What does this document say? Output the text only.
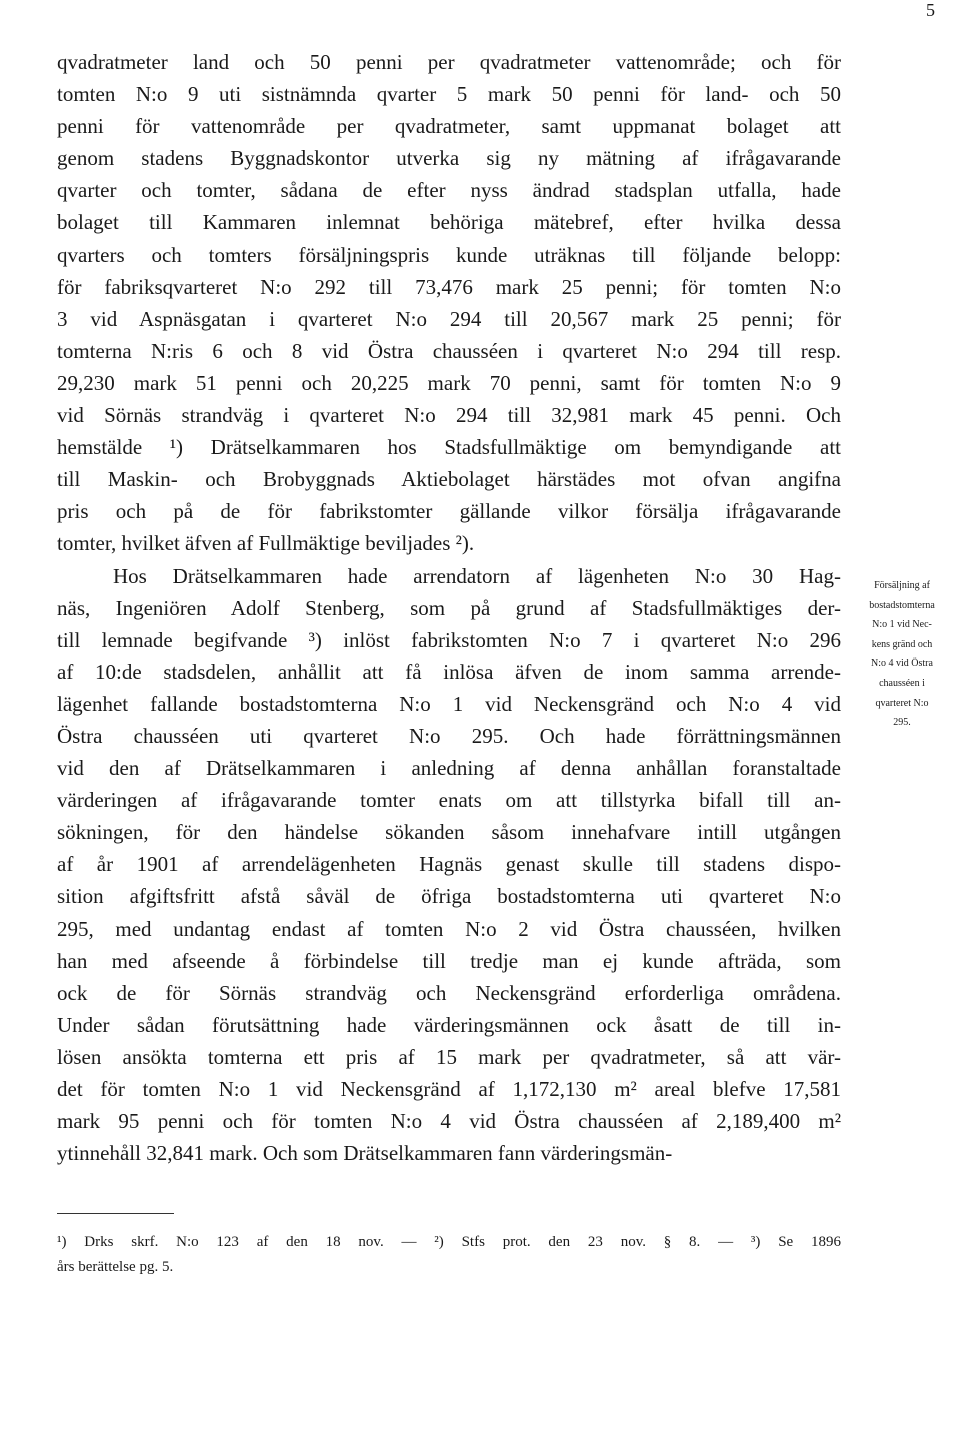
5
qvadratmeter land och 50 penni per qvadratmeter vattenområde; och för
tomten N:o 9 uti sistnämnda qvarter 5 mark 50 penni för land- och 50
penni för vattenområde per qvadratmeter, samt uppmanat bolaget att
genom stadens Byggnadskontor utverka sig ny mätning af ifrågavarande
qvarter och tomter, sådana de efter nyss ändrad stadsplan utfalla, hade
bolaget till Kammaren inlemnat behöriga mätebref, efter hvilka dessa
qvarters och tomters försäljningspris kunde uträknas till följande belopp:
för fabriksqvarteret N:o 292 till 73,476 mark 25 penni; för tomten N:o
3 vid Aspnäsgatan i qvarteret N:o 294 till 20,567 mark 25 penni; för
tomterna N:ris 6 och 8 vid Östra chausséen i qvarteret N:o 294 till resp.
29,230 mark 51 penni och 20,225 mark 70 penni, samt för tomten N:o 9
vid Sörnäs strandväg i qvarteret N:o 294 till 32,981 mark 45 penni. Och
hemstälde ¹) Drätselkammaren hos Stadsfullmäktige om bemyndigande att
till Maskin- och Brobyggnads Aktiebolaget härstädes mot ofvan angifna
pris och på de för fabrikstomter gällande vilkor försälja ifrågavarande
tomter, hvilket äfven af Fullmäktige beviljades ²).
Hos Drätselkammaren hade arrendatorn af lägenheten N:o 30 Hag-
näs, Ingeniören Adolf Stenberg, som på grund af Stadsfullmäktiges der-
till lemnade begifvande ³) inlöst fabrikstomten N:o 7 i qvarteret N:o 296
af 10:de stadsdelen, anhållit att få inlösa äfven de inom samma arrende-
lägenhet fallande bostadstomterna N:o 1 vid Neckensgränd och N:o 4 vid
Östra chausséen uti qvarteret N:o 295. Och hade förrättningsmännen
vid den af Drätselkammaren i anledning af denna anhållan foranstaltade
värderingen af ifrågavarande tomter enats om att tillstyrka bifall till an-
sökningen, för den händelse sökanden såsom innehafvare intill utgången
af år 1901 af arrendelägenheten Hagnäs genast skulle till stadens dispo-
sition afgiftsfritt afstå såväl de öfriga bostadstomterna uti qvarteret N:o
295, med undantag endast af tomten N:o 2 vid Östra chausséen, hvilken
han med afseende å förbindelse till tredje man ej kunde afträda, som
ock de för Sörnäs strandväg och Neckensgränd erforderliga områdena.
Under sådan förutsättning hade värderingsmännen ock åsatt de till in-
lösen ansökta tomterna ett pris af 15 mark per qvadratmeter, så att vär-
det för tomten N:o 1 vid Neckensgränd af 1,172,130 m² areal blefve 17,581
mark 95 penni och för tomten N:o 4 vid Östra chausséen af 2,189,400 m²
ytinnehåll 32,841 mark. Och som Drätselkammaren fann värderingsmän-
Försäljning af
bostadstomterna
N:o 1 vid Nec-
kens gränd och
N:o 4 vid Östra
chausséen i
qvarteret N:o
295.
¹) Drks skrf. N:o 123 af den 18 nov. — ²) Stfs prot. den 23 nov. § 8. — ³) Se 1896
års berättelse pg. 5.
